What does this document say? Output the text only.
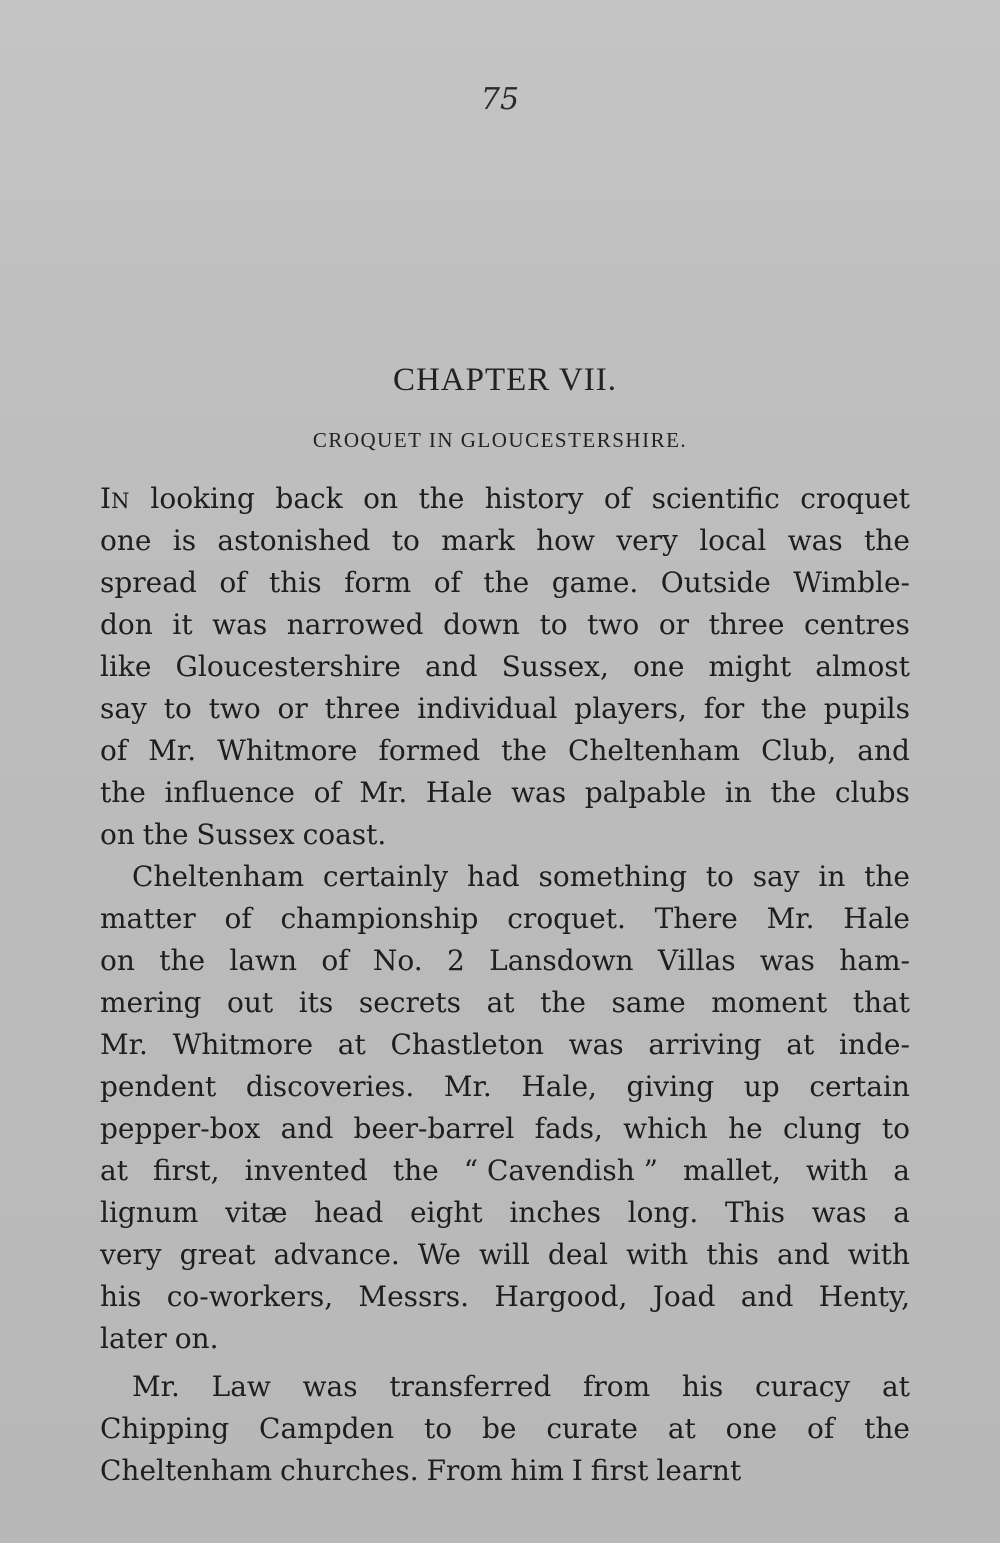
75
CHAPTER VII.
CROQUET IN GLOUCESTERSHIRE.
IN looking back on the history of scientific croquet
one is astonished to mark how very local was the
spread of this form of the game. Outside Wimble-
don it was narrowed down to two or three centres
like Gloucestershire and Sussex, one might almost
say to two or three individual players, for the pupils
of Mr. Whitmore formed the Cheltenham Club, and
the influence of Mr. Hale was palpable in the clubs
on the Sussex coast.
Cheltenham certainly had something to say in the
matter of championship croquet. There Mr. Hale
on the lawn of No. 2 Lansdown Villas was ham-
mering out its secrets at the same moment that
Mr. Whitmore at Chastleton was arriving at inde-
pendent discoveries. Mr. Hale, giving up certain
pepper-box and beer-barrel fads, which he clung to
at first, invented the “ Cavendish ” mallet, with a
lignum vitæ head eight inches long. This was a
very great advance. We will deal with this and with
his co-workers, Messrs. Hargood, Joad and Henty,
later on.
Mr. Law was transferred from his curacy at
Chipping Campden to be curate at one of the
Cheltenham churches. From him I first learnt
